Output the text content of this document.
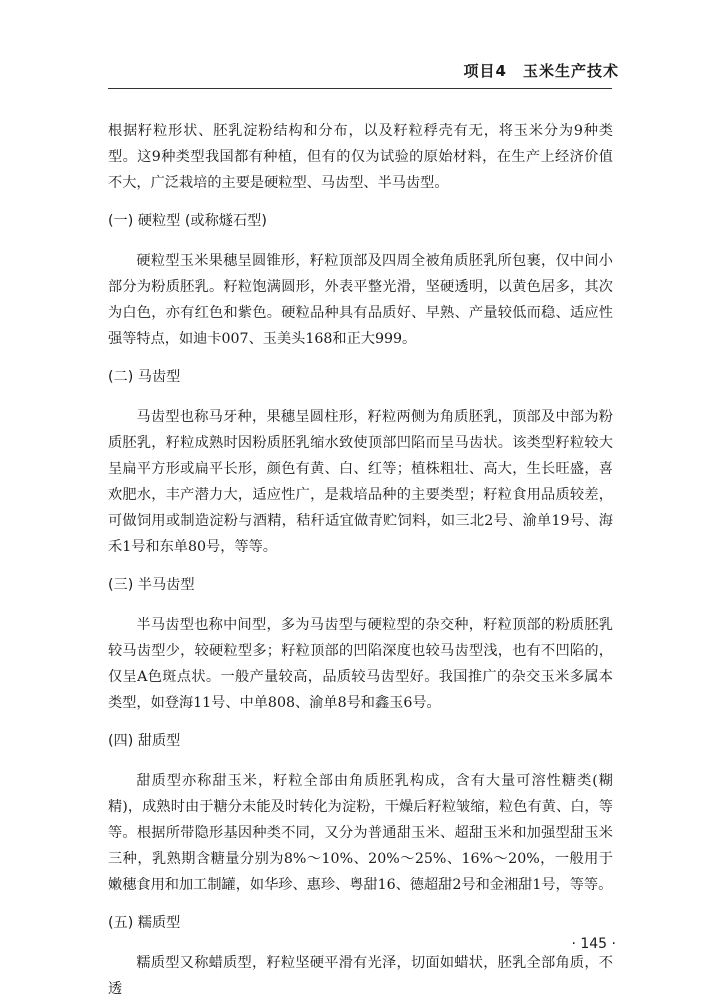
项目4　玉米生产技术

根据籽粒形状、胚乳淀粉结构和分布，以及籽粒稃壳有无，将玉米分为9种类型。这9种类型我国都有种植，但有的仅为试验的原始材料，在生产上经济价值不大，广泛栽培的主要是硬粒型、马齿型、半马齿型。

(一) 硬粒型 (或称燧石型)

硬粒型玉米果穗呈圆锥形，籽粒顶部及四周全被角质胚乳所包裹，仅中间小部分为粉质胚乳。籽粒饱满圆形，外表平整光滑，坚硬透明，以黄色居多，其次为白色，亦有红色和紫色。硬粒品种具有品质好、早熟、产量较低而稳、适应性强等特点，如迪卡007、玉美头168和正大999。

(二) 马齿型

马齿型也称马牙种，果穗呈圆柱形，籽粒两侧为角质胚乳，顶部及中部为粉质胚乳，籽粒成熟时因粉质胚乳缩水致使顶部凹陷而呈马齿状。该类型籽粒较大呈扁平方形或扁平长形，颜色有黄、白、红等；植株粗壮、高大，生长旺盛，喜欢肥水，丰产潜力大，适应性广，是栽培品种的主要类型；籽粒食用品质较差，可做饲用或制造淀粉与酒精，秸秆适宜做青贮饲料，如三北2号、渝单19号、海禾1号和东单80号，等等。

(三) 半马齿型

半马齿型也称中间型，多为马齿型与硬粒型的杂交种，籽粒顶部的粉质胚乳较马齿型少，较硬粒型多；籽粒顶部的凹陷深度也较马齿型浅，也有不凹陷的，仅呈A色斑点状。一般产量较高，品质较马齿型好。我国推广的杂交玉米多属本类型，如登海11号、中单808、渝单8号和鑫玉6号。

(四) 甜质型

甜质型亦称甜玉米，籽粒全部由角质胚乳构成，含有大量可溶性糖类(糊精)，成熟时由于糖分未能及时转化为淀粉，干燥后籽粒皱缩，粒色有黄、白，等等。根据所带隐形基因种类不同，又分为普通甜玉米、超甜玉米和加强型甜玉米三种，乳熟期含糖量分别为8%～10%、20%～25%、16%～20%，一般用于嫩穗食用和加工制罐，如华珍、惠珍、粤甜16、德超甜2号和金湘甜1号，等等。

(五) 糯质型

糯质型又称蜡质型，籽粒坚硬平滑有光泽，切面如蜡状，胚乳全部角质，不透

· 145 ·
